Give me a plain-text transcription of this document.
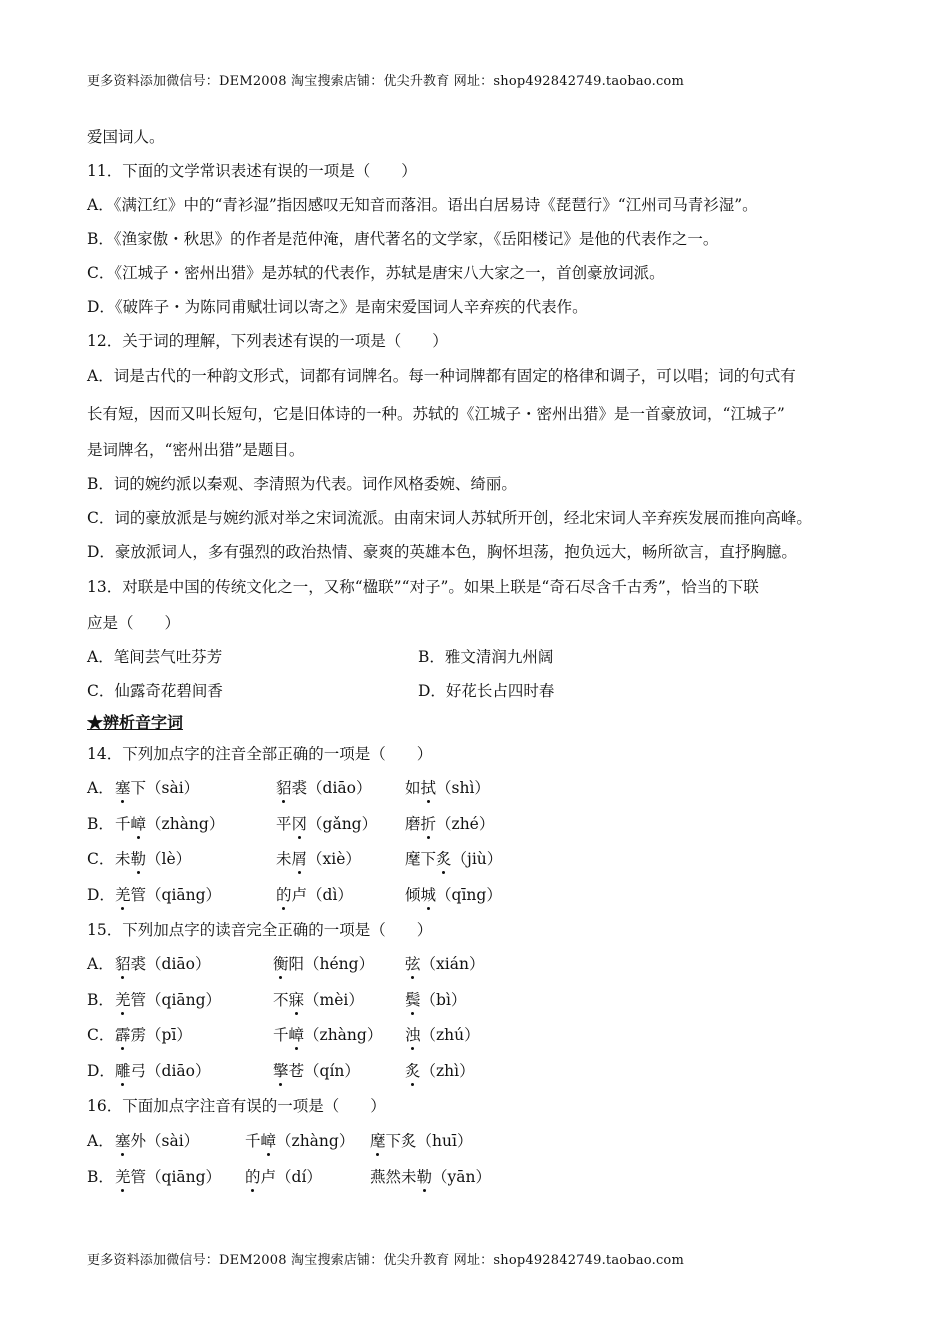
更多资料添加微信号：DEM2008 淘宝搜索店铺：优尖升教育 网址：shop492842749.taobao.com
爱国词人。
11．下面的文学常识表述有误的一项是（　　）
A．《满江红》中的“青衫湿”指因感叹无知音而落泪。语出白居易诗《琵琶行》“江州司马青衫湿”。
B．《渔家傲・秋思》的作者是范仲淹，唐代著名的文学家，《岳阳楼记》是他的代表作之一。
C．《江城子・密州出猎》是苏轼的代表作，苏轼是唐宋八大家之一，首创豪放词派。
D．《破阵子・为陈同甫赋壮词以寄之》是南宋爱国词人辛弃疾的代表作。
12．关于词的理解，下列表述有误的一项是（　　）
A．词是古代的一种韵文形式，词都有词牌名。每一种词牌都有固定的格律和调子，可以唱；词的句式有
长有短，因而又叫长短句，它是旧体诗的一种。苏轼的《江城子・密州出猎》是一首豪放词，“江城子”
是词牌名，“密州出猎”是题目。
B．词的婉约派以秦观、李清照为代表。词作风格委婉、绮丽。
C．词的豪放派是与婉约派对举之宋词流派。由南宋词人苏轼所开创，经北宋词人辛弃疾发展而推向高峰。
D．豪放派词人，多有强烈的政治热情、豪爽的英雄本色，胸怀坦荡，抱负远大，畅所欲言，直抒胸臆。
13．对联是中国的传统文化之一，又称“楹联”“对子”。如果上联是“奇石尽含千古秀”，恰当的下联
应是（　　）
A．笔间芸气吐芬芳	B．雅文清润九州阔
C．仙露奇花碧间香	D．好花长占四时春
★辨析音字词
14．下列加点字的注音全部正确的一项是（　　）
A． 塞下（sài）	貂裘（diāo） 如拭（shì）
B． 千嶂（zhàng）	平冈（gǎng） 磨折（zhé）
C． 未勒（lè）	未屑（xiè）	麾下炙（jiù）
D． 羌管（qiāng）	的卢（dì）	倾城（qīng）
15．下列加点字的读音完全正确的一项是（　　）
A． 貂裘（diāo）	衡阳（héng） 弦（xián）
B． 羌管（qiāng）	不寐（mèi）	鬓（bì）
C． 霹雳（pī）	千嶂（zhàng） 浊（zhú）
D． 雕弓（diāo）	擎苍（qín）	炙（zhì）
16．下面加点字注音有误的一项是（　　）
A． 塞外（sài）	千嶂（zhàng） 麾下炙（huī）
B． 羌管（qiāng） 的卢（dí）	燕然未勒（yān）
更多资料添加微信号：DEM2008 淘宝搜索店铺：优尖升教育 网址：shop492842749.taobao.com
